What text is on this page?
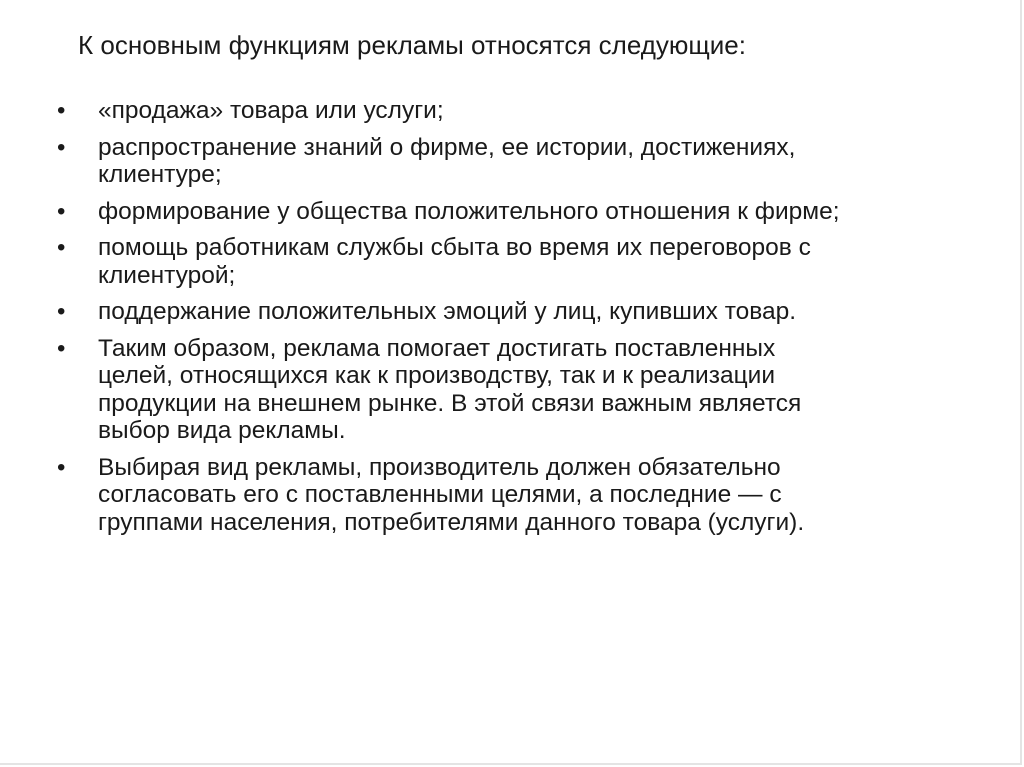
К основным функциям рекламы относятся следующие:
•	«продажа» товара или услуги;
•	распространение знаний о фирме, ее истории, достижениях,
клиентуре;
•	формирование у общества положительного отношения к фирме;
•	помощь работникам службы сбыта во время их переговоров с
клиентурой;
•	поддержание положительных эмоций у лиц, купивших товар.
•	Таким образом, реклама помогает достигать поставленных
целей, относящихся как к производству, так и к реализации
продукции на внешнем рынке. В этой связи важным является
выбор вида рекламы.
•	Выбирая вид рекламы, производитель должен обязательно
согласовать его с поставленными целями, а последние — с
группами населения, потребителями данного товара (услуги).
